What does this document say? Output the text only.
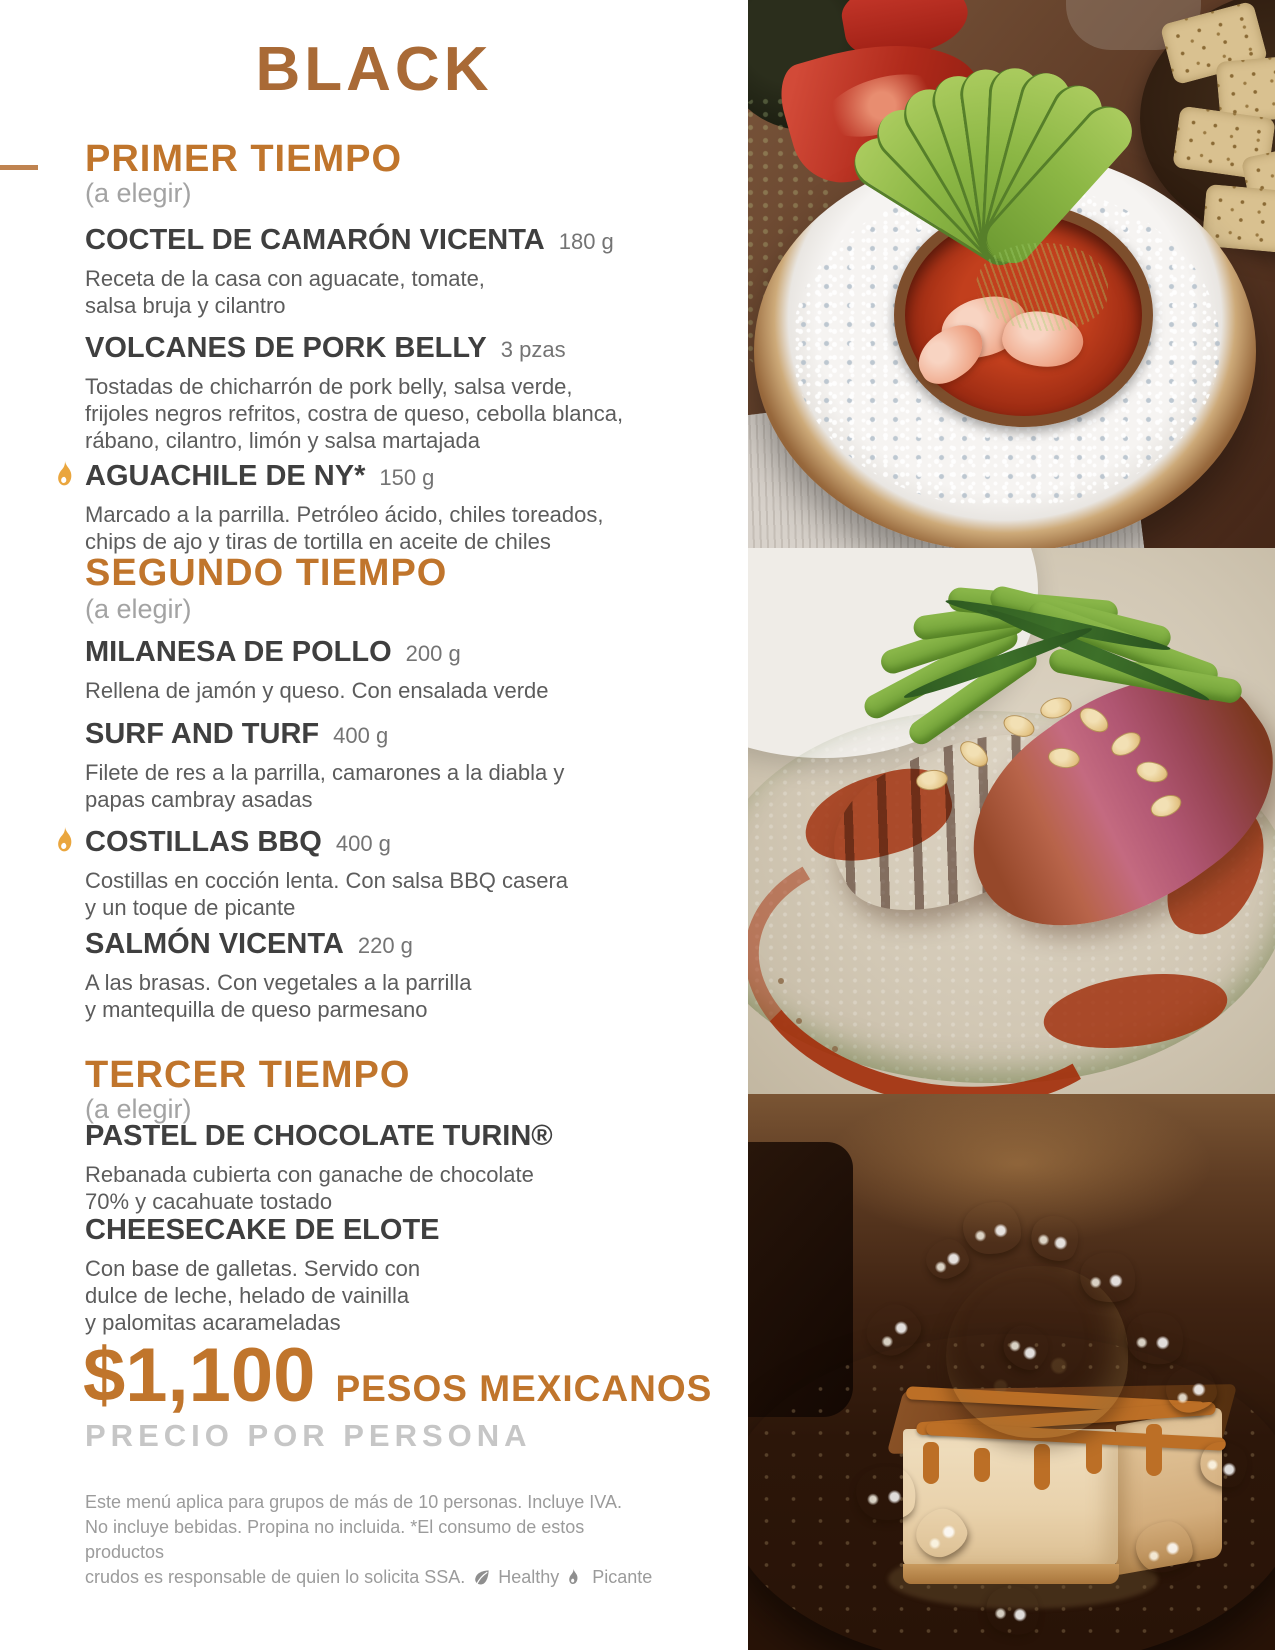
BLACK
PRIMER TIEMPO
(a elegir)
COCTEL DE CAMARÓN VICENTA 180 g
Receta de la casa con aguacate, tomate,
salsa bruja y cilantro
VOLCANES DE PORK BELLY 3 pzas
Tostadas de chicharrón de pork belly, salsa verde,
frijoles negros refritos, costra de queso, cebolla blanca,
rábano, cilantro, limón y salsa martajada
AGUACHILE DE NY* 150 g
Marcado a la parrilla. Petróleo ácido, chiles toreados,
chips de ajo y tiras de tortilla en aceite de chiles
SEGUNDO TIEMPO
(a elegir)
MILANESA DE POLLO 200 g
Rellena de jamón y queso. Con ensalada verde
SURF AND TURF 400 g
Filete de res a la parrilla, camarones a la diabla y
papas cambray asadas
COSTILLAS BBQ 400 g
Costillas en cocción lenta. Con salsa BBQ casera
y un toque de picante
SALMÓN VICENTA 220 g
A las brasas. Con vegetales a la parrilla
y mantequilla de queso parmesano
TERCER TIEMPO
(a elegir)
PASTEL DE CHOCOLATE TURIN®
Rebanada cubierta con ganache de chocolate
70% y cacahuate tostado
CHEESECAKE DE ELOTE
Con base de galletas. Servido con
dulce de leche, helado de vainilla
y palomitas acarameladas
$1,100 PESOS MEXICANOS
PRECIO POR PERSONA
Este menú aplica para grupos de más de 10 personas. Incluye IVA.
No incluye bebidas. Propina no incluida. *El consumo de estos productos
crudos es responsable de quien lo solicita SSA. Healthy Picante
